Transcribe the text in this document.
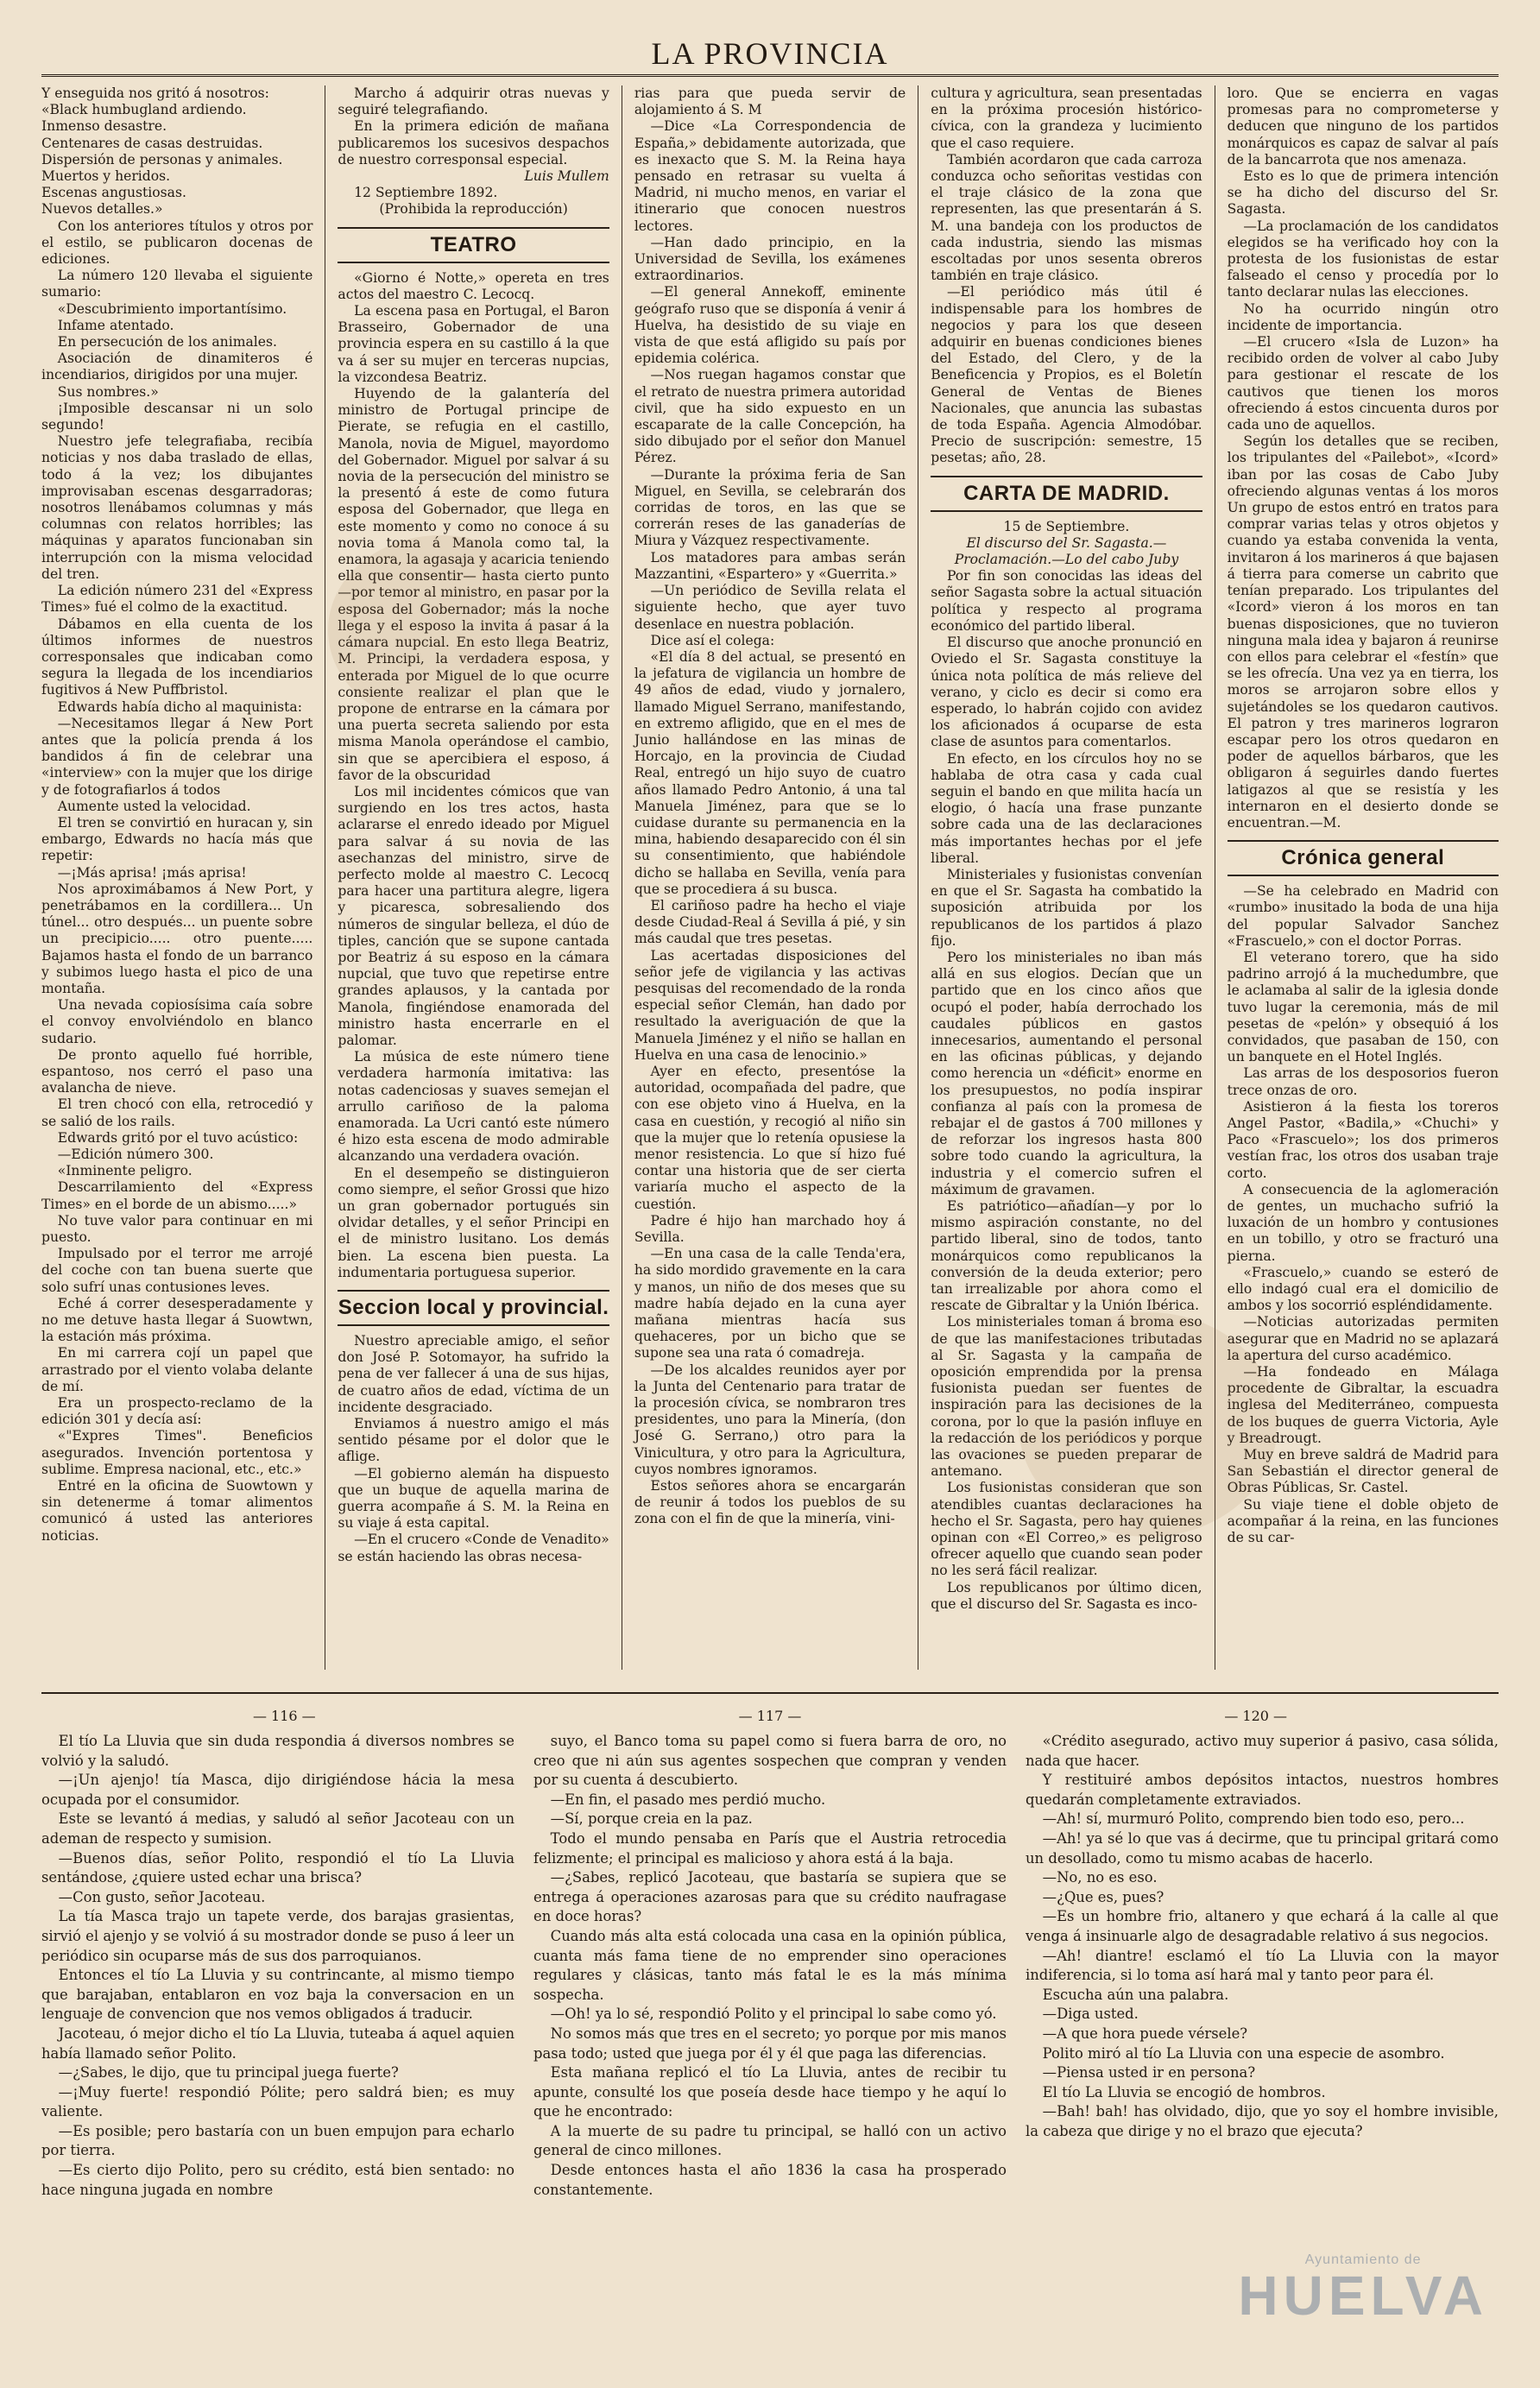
LA PROVINCIA

Y enseguida nos gritó á nosotros:

«Black humbugland ardiendo.

Inmenso desastre.

Centenares de casas destruidas.

Dispersión de personas y animales.

Muertos y heridos.

Escenas angustiosas.

Nuevos detalles.»

Con los anteriores títulos y otros por el estilo, se publicaron docenas de ediciones.

La número 120 llevaba el siguiente sumario:

«Descubrimiento importantísimo.

Infame atentado.

En persecución de los animales.

Asociación de dinamiteros é incendiarios, dirigidos por una mujer.

Sus nombres.»

¡Imposible descansar ni un solo segundo!

Nuestro jefe telegrafiaba, recibía noticias y nos daba traslado de ellas, todo á la vez; los dibujantes improvisaban escenas desgarradoras; nosotros llenábamos columnas y más columnas con relatos horribles; las máquinas y aparatos funcionaban sin interrupción con la misma velocidad del tren.

La edición número 231 del «Express Times» fué el colmo de la exactitud.

Dábamos en ella cuenta de los últimos informes de nuestros corresponsales que indicaban como segura la llegada de los incendiarios fugitivos á New Puffbristol.

Edwards había dicho al maquinista:

—Necesitamos llegar á New Port antes que la policía prenda á los bandidos á fin de celebrar una «interview» con la mujer que los dirige y de fotografiarlos á todos

Aumente usted la velocidad.

El tren se convirtió en huracan y, sin embargo, Edwards no hacía más que repetir:

—¡Más aprisa! ¡más aprisa!

Nos aproximábamos á New Port, y penetrábamos en la cordillera... Un túnel... otro después... un puente sobre un precipicio..... otro puente..... Bajamos hasta el fondo de un barranco y subimos luego hasta el pico de una montaña.

Una nevada copiosísima caía sobre el convoy envolviéndolo en blanco sudario.

De pronto aquello fué horrible, espantoso, nos cerró el paso una avalancha de nieve.

El tren chocó con ella, retrocedió y se salió de los rails.

Edwards gritó por el tuvo acústico:

—Edición número 300.

«Inminente peligro.

Descarrilamiento del «Express Times» en el borde de un abismo.....»

No tuve valor para continuar en mi puesto.

Impulsado por el terror me arrojé del coche con tan buena suerte que solo sufrí unas contusiones leves.

Eché á correr desesperadamente y no me detuve hasta llegar á Suowtwn, la estación más próxima.

En mi carrera cojí un papel que arrastrado por el viento volaba delante de mí.

Era un prospecto-reclamo de la edición 301 y decía así:

«"Expres Times". Beneficios asegurados. Invención portentosa y sublime. Empresa nacional, etc., etc.»

Entré en la oficina de Suowtown y sin detenerme á tomar alimentos comunicó á usted las anteriores noticias.

Marcho á adquirir otras nuevas y seguiré telegrafiando.

En la primera edición de mañana publicaremos los sucesivos despachos de nuestro corresponsal especial.

Luis Mullem

12 Septiembre 1892.

(Prohibida la reproducción)

TEATRO

«Giorno é Notte,» opereta en tres actos del maestro C. Lecocq.

La escena pasa en Portugal, el Baron Brasseiro, Gobernador de una provincia espera en su castillo á la que va á ser su mujer en terceras nupcias, la vizcondesa Beatriz.

Huyendo de la galantería del ministro de Portugal principe de Pierate, se refugia en el castillo, Manola, novia de Miguel, mayordomo del Gobernador. Miguel por salvar á su novia de la persecución del ministro se la presentó á este de como futura esposa del Gobernador, que llega en este momento y como no conoce á su novia toma á Manola como tal, la enamora, la agasaja y acaricia teniendo ella que consentir— hasta cierto punto—por temor al ministro, en pasar por la esposa del Gobernador; más la noche llega y el esposo la invita á pasar á la cámara nupcial. En esto llega Beatriz, M. Principi, la verdadera esposa, y enterada por Miguel de lo que ocurre consiente realizar el plan que le propone de entrarse en la cámara por una puerta secreta saliendo por esta misma Manola operándose el cambio, sin que se apercibiera el esposo, á favor de la obscuridad

Los mil incidentes cómicos que van surgiendo en los tres actos, hasta aclararse el enredo ideado por Miguel para salvar á su novia de las asechanzas del ministro, sirve de perfecto molde al maestro C. Lecocq para hacer una partitura alegre, ligera y picaresca, sobresaliendo dos números de singular belleza, el dúo de tiples, canción que se supone cantada por Beatriz á su esposo en la cámara nupcial, que tuvo que repetirse entre grandes aplausos, y la cantada por Manola, fingiéndose enamorada del ministro hasta encerrarle en el palomar.

La música de este número tiene verdadera harmonía imitativa: las notas cadenciosas y suaves semejan el arrullo cariñoso de la paloma enamorada. La Ucri cantó este número é hizo esta escena de modo admirable alcanzando una verdadera ovación.

En el desempeño se distinguieron como siempre, el señor Grossi que hizo un gran gobernador portugués sin olvidar detalles, y el señor Principi en el de ministro lusitano. Los demás bien. La escena bien puesta. La indumentaria portuguesa superior.

Seccion local y provincial.

Nuestro apreciable amigo, el señor don José P. Sotomayor, ha sufrido la pena de ver fallecer á una de sus hijas, de cuatro años de edad, víctima de un incidente desgraciado.

Enviamos á nuestro amigo el más sentido pésame por el dolor que le aflige.

—El gobierno alemán ha dispuesto que un buque de aquella marina de guerra acompañe á S. M. la Reina en su viaje á esta capital.

—En el crucero «Conde de Venadito» se están haciendo las obras necesa-

rias para que pueda servir de alojamiento á S. M

—Dice «La Correspondencia de España,» debidamente autorizada, que es inexacto que S. M. la Reina haya pensado en retrasar su vuelta á Madrid, ni mucho menos, en variar el itinerario que conocen nuestros lectores.

—Han dado principio, en la Universidad de Sevilla, los exámenes extraordinarios.

—El general Annekoff, eminente geógrafo ruso que se disponía á venir á Huelva, ha desistido de su viaje en vista de que está afligido su país por epidemia colérica.

—Nos ruegan hagamos constar que el retrato de nuestra primera autoridad civil, que ha sido expuesto en un escaparate de la calle Concepción, ha sido dibujado por el señor don Manuel Pérez.

—Durante la próxima feria de San Miguel, en Sevilla, se celebrarán dos corridas de toros, en las que se correrán reses de las ganaderías de Miura y Vázquez respectivamente.

Los matadores para ambas serán Mazzantini, «Espartero» y «Guerrita.»

—Un periódico de Sevilla relata el siguiente hecho, que ayer tuvo desenlace en nuestra población.

Dice así el colega:

«El día 8 del actual, se presentó en la jefatura de vigilancia un hombre de 49 años de edad, viudo y jornalero, llamado Miguel Serrano, manifestando, en extremo afligido, que en el mes de Junio hallándose en las minas de Horcajo, en la provincia de Ciudad Real, entregó un hijo suyo de cuatro años llamado Pedro Antonio, á una tal Manuela Jiménez, para que se lo cuidase durante su permanencia en la mina, habiendo desaparecido con él sin su consentimiento, que habiéndole dicho se hallaba en Sevilla, venía para que se procediera á su busca.

El cariñoso padre ha hecho el viaje desde Ciudad-Real á Sevilla á pié, y sin más caudal que tres pesetas.

Las acertadas disposiciones del señor jefe de vigilancia y las activas pesquisas del recomendado de la ronda especial señor Clemán, han dado por resultado la averiguación de que la Manuela Jiménez y el niño se hallan en Huelva en una casa de lenocinio.»

Ayer en efecto, presentóse la autoridad, ocompañada del padre, que con ese objeto vino á Huelva, en la casa en cuestión, y recogió al niño sin que la mujer que lo retenía opusiese la menor resistencia. Lo que sí hizo fué contar una historia que de ser cierta variaría mucho el aspecto de la cuestión.

Padre é hijo han marchado hoy á Sevilla.

—En una casa de la calle Tenda'era, ha sido mordido gravemente en la cara y manos, un niño de dos meses que su madre había dejado en la cuna ayer mañana mientras hacía sus quehaceres, por un bicho que se supone sea una rata ó comadreja.

—De los alcaldes reunidos ayer por la Junta del Centenario para tratar de la procesión cívica, se nombraron tres presidentes, uno para la Minería, (don José G. Serrano,) otro para la Vinicultura, y otro para la Agricultura, cuyos nombres ignoramos.

Estos señores ahora se encargarán de reunir á todos los pueblos de su zona con el fin de que la minería, vini-

cultura y agricultura, sean presentadas en la próxima procesión histórico-cívica, con la grandeza y lucimiento que el caso requiere.

También acordaron que cada carroza conduzca ocho señoritas vestidas con el traje clásico de la zona que representen, las que presentarán á S. M. una bandeja con los productos de cada industria, siendo las mismas escoltadas por unos sesenta obreros también en traje clásico.

—El periódico más útil é indispensable para los hombres de negocios y para los que deseen adquirir en buenas condiciones bienes del Estado, del Clero, y de la Beneficencia y Propios, es el Boletín General de Ventas de Bienes Nacionales, que anuncia las subastas de toda España. Agencia Almodóbar. Precio de suscripción: semestre, 15 pesetas; año, 28.

CARTA DE MADRID.

15 de Septiembre.

El discurso del Sr. Sagasta.—Proclamación.—Lo del cabo Juby

Por fin son conocidas las ideas del señor Sagasta sobre la actual situación política y respecto al programa económico del partido liberal.

El discurso que anoche pronunció en Oviedo el Sr. Sagasta constituye la única nota política de más relieve del verano, y ciclo es decir si como era esperado, lo habrán cojido con avidez los aficionados á ocuparse de esta clase de asuntos para comentarlos.

En efecto, en los círculos hoy no se hablaba de otra casa y cada cual seguin el bando en que milita hacía un elogio, ó hacía una frase punzante sobre cada una de las declaraciones más importantes hechas por el jefe liberal.

Ministeriales y fusionistas convenían en que el Sr. Sagasta ha combatido la suposición atribuida por los republicanos de los partidos á plazo fijo.

Pero los ministeriales no iban más allá en sus elogios. Decían que un partido que en los cinco años que ocupó el poder, había derrochado los caudales públicos en gastos innecesarios, aumentando el personal en las oficinas públicas, y dejando como herencia un «déficit» enorme en los presupuestos, no podía inspirar confianza al país con la promesa de rebajar el de gastos á 700 millones y de reforzar los ingresos hasta 800 sobre todo cuando la agricultura, la industria y el comercio sufren el máximum de gravamen.

Es patriótico—añadían—y por lo mismo aspiración constante, no del partido liberal, sino de todos, tanto monárquicos como republicanos la conversión de la deuda exterior; pero tan irrealizable por ahora como el rescate de Gibraltar y la Unión Ibérica.

Los ministeriales toman á broma eso de que las manifestaciones tributadas al Sr. Sagasta y la campaña de oposición emprendida por la prensa fusionista puedan ser fuentes de inspiración para las decisiones de la corona, por lo que la pasión influye en la redacción de los periódicos y porque las ovaciones se pueden preparar de antemano.

Los fusionistas consideran que son atendibles cuantas declaraciones ha hecho el Sr. Sagasta, pero hay quienes opinan con «El Correo,» es peligroso ofrecer aquello que cuando sean poder no les será fácil realizar.

Los republicanos por último dicen, que el discurso del Sr. Sagasta es inco-

loro. Que se encierra en vagas promesas para no comprometerse y deducen que ninguno de los partidos monárquicos es capaz de salvar al país de la bancarrota que nos amenaza.

Esto es lo que de primera intención se ha dicho del discurso del Sr. Sagasta.

—La proclamación de los candidatos elegidos se ha verificado hoy con la protesta de los fusionistas de estar falseado el censo y procedía por lo tanto declarar nulas las elecciones.

No ha ocurrido ningún otro incidente de importancia.

—El crucero «Isla de Luzon» ha recibido orden de volver al cabo Juby para gestionar el rescate de los cautivos que tienen los moros ofreciendo á estos cincuenta duros por cada uno de aquellos.

Según los detalles que se reciben, los tripulantes del «Pailebot», «Icord» iban por las cosas de Cabo Juby ofreciendo algunas ventas á los moros Un grupo de estos entró en tratos para comprar varias telas y otros objetos y cuando ya estaba convenida la venta, invitaron á los marineros á que bajasen á tierra para comerse un cabrito que tenían preparado. Los tripulantes del «Icord» vieron á los moros en tan buenas disposiciones, que no tuvieron ninguna mala idea y bajaron á reunirse con ellos para celebrar el «festín» que se les ofrecía. Una vez ya en tierra, los moros se arrojaron sobre ellos y sujetándoles se los quedaron cautivos. El patron y tres marineros lograron escapar pero los otros quedaron en poder de aquellos bárbaros, que les obligaron á seguirles dando fuertes latigazos al que se resistía y les internaron en el desierto donde se encuentran.—M.

Crónica general

—Se ha celebrado en Madrid con «rumbo» inusitado la boda de una hija del popular Salvador Sanchez «Frascuelo,» con el doctor Porras.

El veterano torero, que ha sido padrino arrojó á la muchedumbre, que le aclamaba al salir de la iglesia donde tuvo lugar la ceremonia, más de mil pesetas de «pelón» y obsequió á los convidados, que pasaban de 150, con un banquete en el Hotel Inglés.

Las arras de los desposorios fueron trece onzas de oro.

Asistieron á la fiesta los toreros Angel Pastor, «Badila,» «Chuchi» y Paco «Frascuelo»; los dos primeros vestían frac, los otros dos usaban traje corto.

A consecuencia de la aglomeración de gentes, un muchacho sufrió la luxación de un hombro y contusiones en un tobillo, y otro se fracturó una pierna.

«Frascuelo,» cuando se esteró de ello indagó cual era el domicilio de ambos y los socorrió espléndidamente.

—Noticias autorizadas permiten asegurar que en Madrid no se aplazará la apertura del curso académico.

—Ha fondeado en Málaga procedente de Gibraltar, la escuadra inglesa del Mediterráneo, compuesta de los buques de guerra Victoria, Ayle y Breadrougt.

Muy en breve saldrá de Madrid para San Sebastián el director general de Obras Públicas, Sr. Castel.

Su viaje tiene el doble objeto de acompañar á la reina, en las funciones de su car-

— 116 —	— 117 —	— 120 —

El tío La Lluvia que sin duda respondia á diversos nombres se volvió y la saludó.

—¡Un ajenjo! tía Masca, dijo dirigiéndose hácia la mesa ocupada por el consumidor.

Este se levantó á medias, y saludó al señor Jacoteau con un ademan de respecto y sumision.

—Buenos días, señor Polito, respondió el tío La Lluvia sentándose, ¿quiere usted echar una brisca?

—Con gusto, señor Jacoteau.

La tía Masca trajo un tapete verde, dos barajas grasientas, sirvió el ajenjo y se volvió á su mostrador donde se puso á leer un periódico sin ocuparse más de sus dos parroquianos.

Entonces el tío La Lluvia y su contrincante, al mismo tiempo que barajaban, entablaron en voz baja la conversacion en un lenguaje de convencion que nos vemos obligados á traducir.

Jacoteau, ó mejor dicho el tío La Lluvia, tuteaba á aquel aquien había llamado señor Polito.

—¿Sabes, le dijo, que tu principal juega fuerte?

—¡Muy fuerte! respondió Pólite; pero saldrá bien; es muy valiente.

—Es posible; pero bastaría con un buen empujon para echarlo por tierra.

—Es cierto dijo Polito, pero su crédito, está bien sentado: no hace ninguna jugada en nombre

suyo, el Banco toma su papel como si fuera barra de oro, no creo que ni aún sus agentes sospechen que compran y venden por su cuenta á descubierto.

—En fin, el pasado mes perdió mucho.

—Sí, porque creia en la paz.

Todo el mundo pensaba en París que el Austria retrocedia felizmente; el principal es malicioso y ahora está á la baja.

—¿Sabes, replicó Jacoteau, que bastaría se supiera que se entrega á operaciones azarosas para que su crédito naufragase en doce horas?

Cuando más alta está colocada una casa en la opinión pública, cuanta más fama tiene de no emprender sino operaciones regulares y clásicas, tanto más fatal le es la más mínima sospecha.

—Oh! ya lo sé, respondió Polito y el principal lo sabe como yó.

No somos más que tres en el secreto; yo porque por mis manos pasa todo; usted que juega por él y él que paga las diferencias.

Esta mañana replicó el tío La Lluvia, antes de recibir tu apunte, consulté los que poseía desde hace tiempo y he aquí lo que he encontrado:

A la muerte de su padre tu principal, se halló con un activo general de cinco millones.

Desde entonces hasta el año 1836 la casa ha prosperado constantemente.

«Crédito asegurado, activo muy superior á pasivo, casa sólida, nada que hacer.

Y restituiré ambos depósitos intactos, nuestros hombres quedarán completamente extraviados.

—Ah! sí, murmuró Polito, comprendo bien todo eso, pero...

—Ah! ya sé lo que vas á decirme, que tu principal gritará como un desollado, como tu mismo acabas de hacerlo.

—No, no es eso.

—¿Que es, pues?

—Es un hombre frio, altanero y que echará á la calle al que venga á insinuarle algo de desagradable relativo á sus negocios.

—Ah! diantre! esclamó el tío La Lluvia con la mayor indiferencia, si lo toma así hará mal y tanto peor para él.

Escucha aún una palabra.

—Diga usted.

—A que hora puede vérsele?

Polito miró al tío La Lluvia con una especie de asombro.

—Piensa usted ir en persona?

El tío La Lluvia se encogió de hombros.

—Bah! bah! has olvidado, dijo, que yo soy el hombre invisible, la cabeza que dirige y no el brazo que ejecuta?

Ayuntamiento de
HUELVA
